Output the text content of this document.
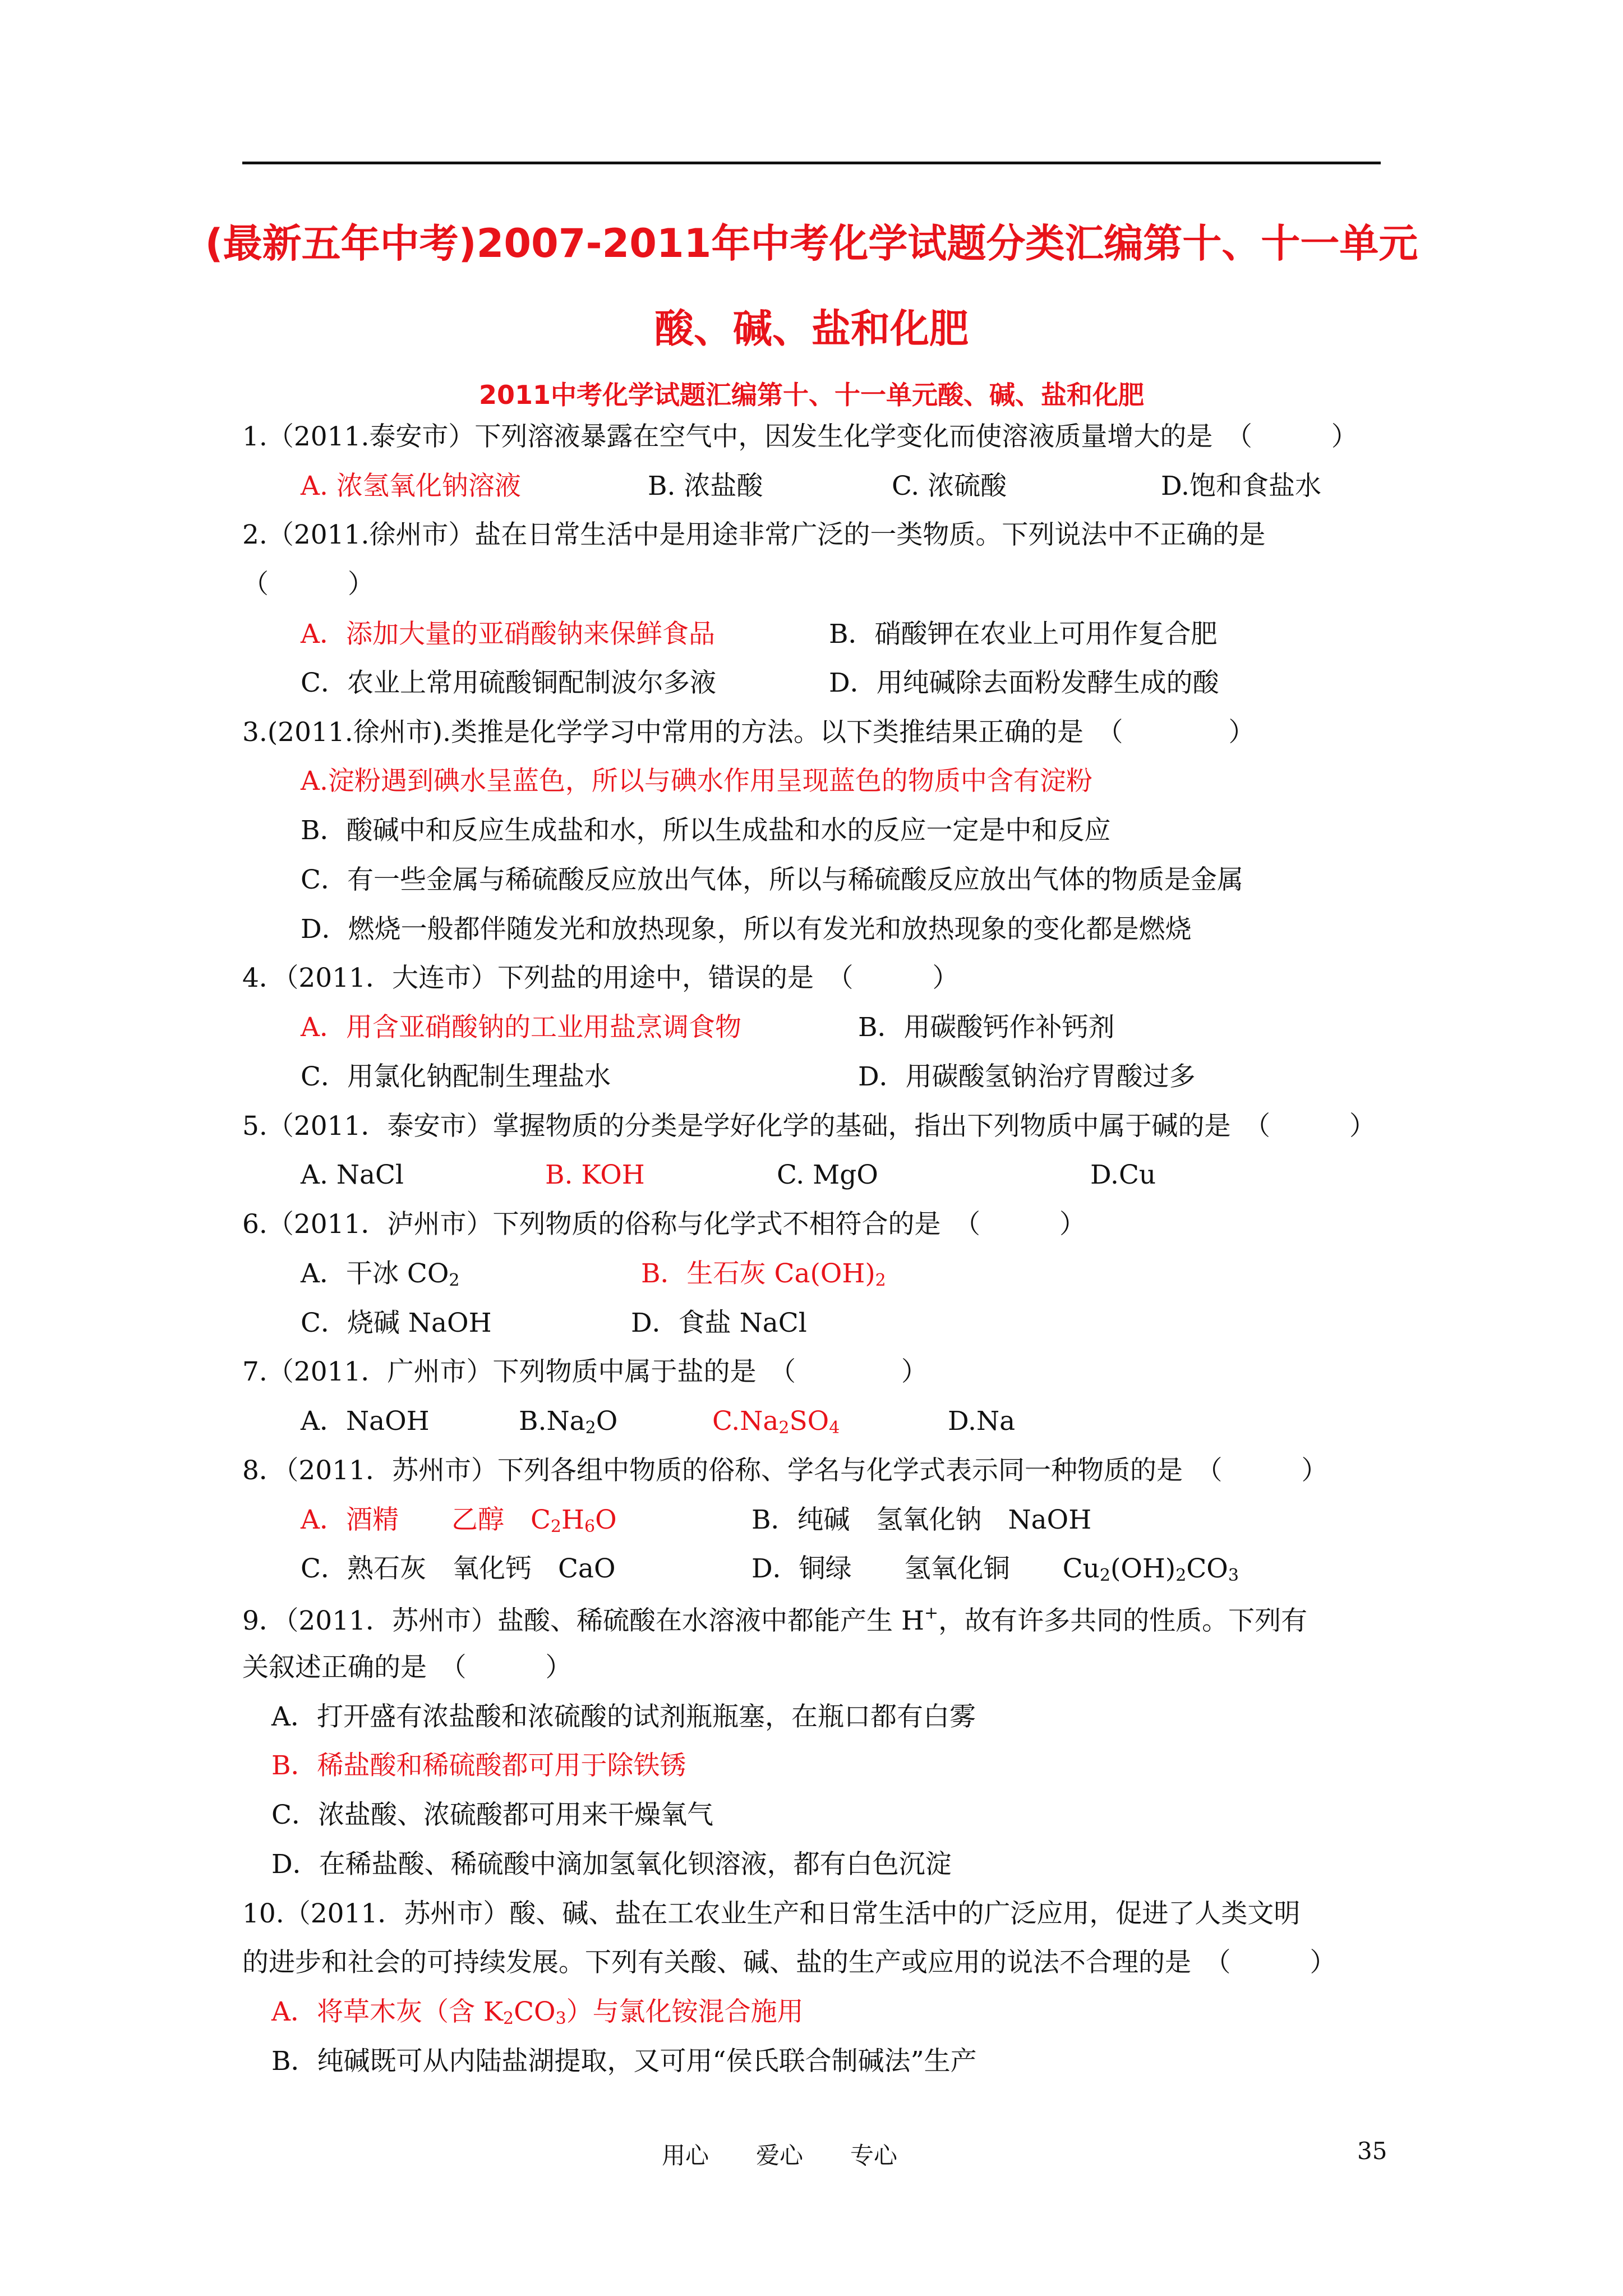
(最新五年中考)2007-2011年中考化学试题分类汇编第十、十一单元
酸、碱、盐和化肥
2011中考化学试题汇编第十、十一单元酸、碱、盐和化肥
1.（2011.泰安市）下列溶液暴露在空气中，因发生化学变化而使溶液质量增大的是　（　　　）
A. 浓氢氧化钠溶液	B. 浓盐酸	C. 浓硫酸	D.饱和食盐水
2.（2011.徐州市）盐在日常生活中是用途非常广泛的一类物质。下列说法中不正确的是
（　　　）
A．添加大量的亚硝酸钠来保鲜食品	B．硝酸钾在农业上可用作复合肥
C．农业上常用硫酸铜配制波尔多液	D．用纯碱除去面粉发酵生成的酸
3.(2011.徐州市).类推是化学学习中常用的方法。以下类推结果正确的是　（　　　　）
A.淀粉遇到碘水呈蓝色，所以与碘水作用呈现蓝色的物质中含有淀粉
B．酸碱中和反应生成盐和水，所以生成盐和水的反应一定是中和反应
C．有一些金属与稀硫酸反应放出气体，所以与稀硫酸反应放出气体的物质是金属
D．燃烧一般都伴随发光和放热现象，所以有发光和放热现象的变化都是燃烧
4．（2011．大连市）下列盐的用途中，错误的是　（　　　）
A．用含亚硝酸钠的工业用盐烹调食物	B．用碳酸钙作补钙剂
C．用氯化钠配制生理盐水	D．用碳酸氢钠治疗胃酸过多
5.（2011．泰安市）掌握物质的分类是学好化学的基础，指出下列物质中属于碱的是　（　　　）
A. NaCl	B. KOH	C. MgO	D.Cu
6.（2011．泸州市）下列物质的俗称与化学式不相符合的是　（　　　）
A．干冰 $CO_2$	B．生石灰 $Ca(OH)_2$
C．烧碱 NaOH	D．食盐 NaCl
7.（2011．广州市）下列物质中属于盐的是　（　　　　）
A．NaOH	$B.Na_2O$	$C.Na_2SO_4$	D.Na
8．（2011．苏州市）下列各组中物质的俗称、学名与化学式表示同一种物质的是　（　　　）
A．酒精　　乙醇　$C_2H_6O$	B．纯碱　氢氧化钠　NaOH
C．熟石灰　氧化钙　CaO	D．铜绿　　氢氧化铜　　$Cu_2(OH)_2CO_3$
9．（2011．苏州市）盐酸、稀硫酸在水溶液中都能产生 H+，故有许多共同的性质。下列有
关叙述正确的是　（　　　）
A．打开盛有浓盐酸和浓硫酸的试剂瓶瓶塞，在瓶口都有白雾
B．稀盐酸和稀硫酸都可用于除铁锈
C．浓盐酸、浓硫酸都可用来干燥氧气
D．在稀盐酸、稀硫酸中滴加氢氧化钡溶液，都有白色沉淀
10.（2011．苏州市）酸、碱、盐在工农业生产和日常生活中的广泛应用，促进了人类文明
的进步和社会的可持续发展。下列有关酸、碱、盐的生产或应用的说法不合理的是　（　　　）
A．将草木灰（含 $K_2CO_3$）与氯化铵混合施用
B．纯碱既可从内陆盐湖提取，又可用“侯氏联合制碱法”生产
用心　　爱心　　专心	35
